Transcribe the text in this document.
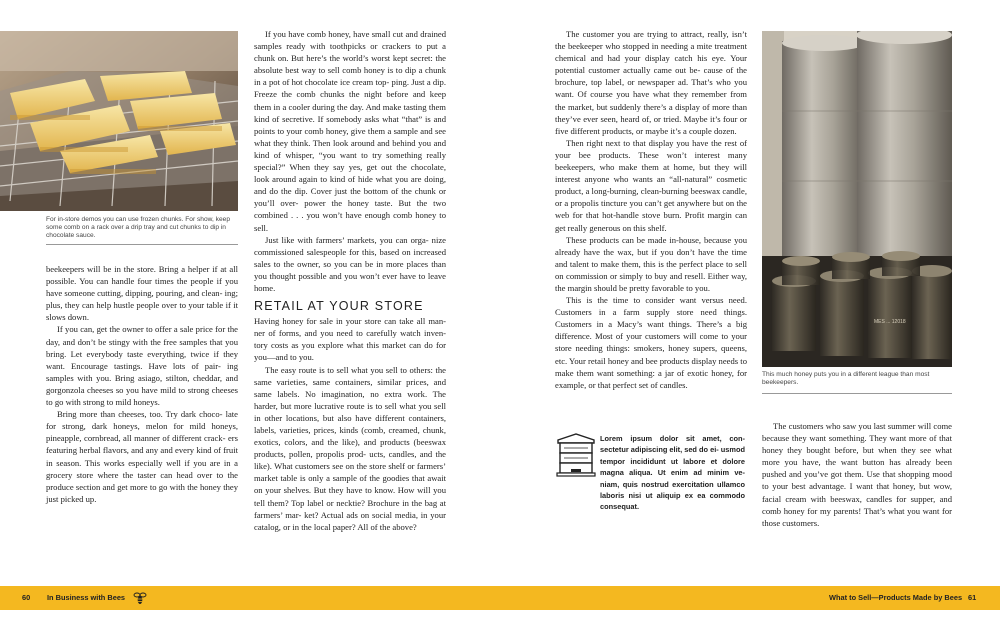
For in-store demos you can use frozen chunks. For show, keep some comb on a rack over a drip tray and cut chunks to dip in chocolate sauce.

beekeepers will be in the store. Bring a helper if at all possible. You can handle four times the people if you have someone cutting, dipping, pouring, and clean- ing; plus, they can help hustle people over to your table if it slows down.

If you can, get the owner to offer a sale price for the day, and don’t be stingy with the free samples that you bring. Let everybody taste everything, twice if they want. Encourage tastings. Have lots of pair- ing samples with you. Bring asiago, stilton, cheddar, and gorgonzola cheeses so you have mild to strong cheeses to go with strong to mild honeys.

Bring more than cheeses, too. Try dark choco- late for strong, dark honeys, melon for mild honeys, pineapple, cornbread, all manner of different crack- ers featuring herbal flavors, and any and every kind of fruit in season. This works especially well if you are in a grocery store where the taster can head over to the produce section and get more to go with the honey they just picked up.

If you have comb honey, have small cut and drained samples ready with toothpicks or crackers to put a chunk on. But here’s the world’s worst kept secret: the absolute best way to sell comb honey is to dip a chunk in a pot of hot chocolate ice cream top- ping. Just a dip. Freeze the comb chunks the night before and keep them in a cooler during the day. And make tasting them kind of secretive. If somebody asks what “that” is and points to your comb honey, give them a sample and see what they think. Then look around and behind you and kind of whisper, “you want to try something really special?” When they say yes, get out the chocolate, look around again to kind of hide what you are doing, and do the dip. Cover just the bottom of the chunk or you’ll over- power the honey taste. But the two combined . . . you won’t have enough comb honey to sell.

Just like with farmers’ markets, you can orga- nize commissioned salespeople for this, based on increased sales to the owner, so you can be in more places than you thought possible and you won’t ever have to leave home.

RETAIL AT YOUR STORE

Having honey for sale in your store can take all man- ner of forms, and you need to carefully watch inven- tory costs as you explore what this market can do for you—and to you.

The easy route is to sell what you sell to others: the same varieties, same containers, similar prices, and same labels. No imagination, no extra work. The harder, but more lucrative route is to sell what you sell in other locations, but also have different containers, labels, varieties, prices, kinds (comb, creamed, chunk, exotics, colors, and the like), and products (beeswax products, pollen, propolis prod- ucts, candles, and the like). What customers see on the store shelf or farmers’ market table is only a sample of the goodies that await on your shelves. But they have to know. How will you tell them? Top label or necktie? Brochure in the bag at farmers’ mar- ket? Actual ads on social media, in your catalog, or in the local paper? All of the above?

The customer you are trying to attract, really, isn’t the beekeeper who stopped in needing a mite treatment chemical and had your display catch his eye. Your potential customer actually came out be- cause of the brochure, top label, or newspaper ad. That’s who you want. Of course you have what they remember from the market, but suddenly there’s a display of more than they’ve ever seen, heard of, or tried. Maybe it’s four or five different products, or maybe it’s a couple dozen.

Then right next to that display you have the rest of your bee products. These won’t interest many beekeepers, who make them at home, but they will interest anyone who wants an “all-natural” cosmetic product, a long-burning, clean-burning beeswax candle, or a propolis tincture you can’t get anywhere but on the web for that hot-handle stove burn. Profit margin can get really generous on this shelf.

These products can be made in-house, because you already have the wax, but if you don’t have the time and talent to make them, this is the perfect place to sell on commission or simply to buy and resell. Either way, the margin should be pretty favorable to you.

This is the time to consider want versus need. Customers in a farm supply store need things. Customers in a Macy’s want things. There’s a big difference. Most of your customers will come to your store needing things: smokers, honey supers, queens, etc. Your retail honey and bee products display needs to make them want something: a jar of exotic honey, for example, or that perfect set of candles.

Lorem ipsum dolor sit amet, con- sectetur adipiscing elit, sed do ei- usmod tempor incididunt ut labore et dolore magna aliqua. Ut enim ad minim ve- niam, quis nostrud exercitation ullamco laboris nisi ut aliquip ex ea commodo consequat.
MES ... 12018
This much honey puts you in a different league than most beekeepers.

The customers who saw you last summer will come because they want something. They want more of that honey they bought before, but when they see what more you have, the want button has already been pushed and you’ve got them. Use that shopping mood to your best advantage. I want that honey, but wow, facial cream with beeswax, candles for supper, and comb honey for my parents! That’s what you want for those customers.

60 In Business with Bees	What to Sell—Products Made by Bees 61
